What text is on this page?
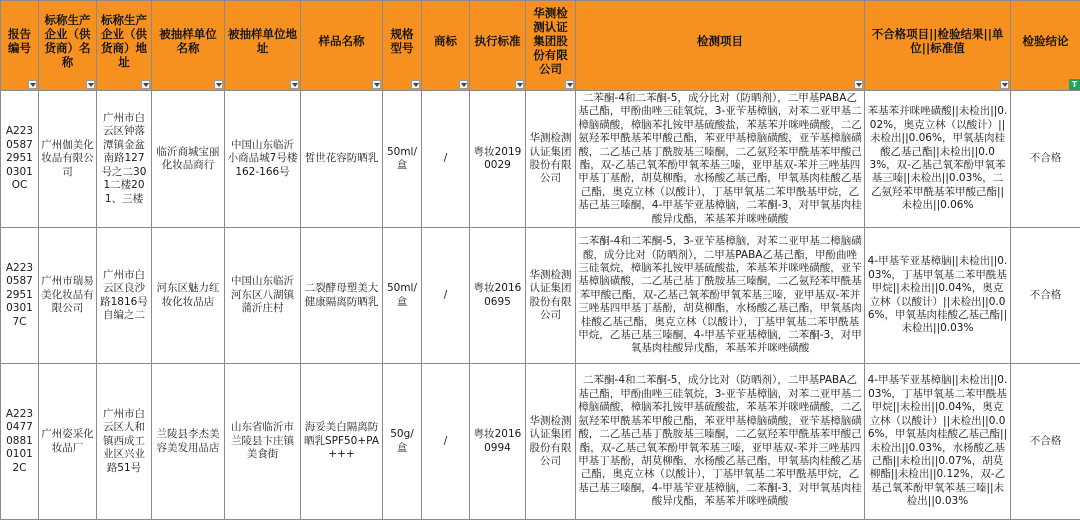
报告编号	标称生产企业（供货商）名称	标称生产企业（供货商）地址	被抽样单位名称	被抽样单位地址	样品名称	规格型号	商标	执行标准	华测检测认证集团股份有限公司	检测项目	不合格项目||检验结果||单位||标准值	检验结论
T

A223058729510301OC	广州伽美化妆品有限公司	广州市白云区钟落潭镇金盆南路127号之二301二楼201、三楼	临沂商城宝丽化妆品商行	中国山东临沂小商品城7号楼162-166号	皙世花容防晒乳	50ml/盒	/	粤妆20190029	华测检测认证集团股份有限公司	二苯酮-4和二苯酮-5，成分比对（防晒剂），二甲基PABA乙基己酯，甲酚曲唑三硅氧烷，3-亚苄基樟脑，对苯二亚甲基二樟脑磺酸，樟脑苯扎铵甲基硫酸盐，苯基苯并咪唑磺酸，二乙氨羟苯甲酰基苯甲酸己酯，苯亚甲基樟脑磺酸，亚苄基樟脑磺酸，二乙基己基丁酰胺基三嗪酮，二乙氨羟苯甲酰基苯甲酸己酯，双-乙基己氧苯酚甲氧苯基三嗪，亚甲基双-苯并三唑基四甲基丁基酚，胡莫柳酯，水杨酸乙基己酯，甲氧基肉桂酸乙基己酯，奥克立林（以酸计），丁基甲氧基二苯甲酰基甲烷，乙基己基三嗪酮，4-甲基苄亚基樟脑，二苯酮-3，对甲氧基肉桂酸异戊酯，苯基苯并咪唑磺酸	苯基苯并咪唑磺酸||未检出||0.02%，奥克立林（以酸计）||未检出||0.06%，甲氧基肉桂酸乙基己酯||未检出||0.03%，双-乙基己氧苯酚甲氧苯基三嗪||未检出||0.03%，二乙氨羟苯甲酰基苯甲酸己酯||未检出||0.06%	不合格
A223058729510301 7C	广州市瑞易美化妆品有限公司	广州市白云区良沙路1816号自编之二	河东区魅力红妆化妆品店	中国山东临沂河东区八湖镇蒲沂庄村	二裂酵母塑美大健康隔离防晒乳	50ml/盒	/	粤妆20160695	华测检测认证集团股份有限公司	二苯酮-4和二苯酮-5，3-亚苄基樟脑，对苯二亚甲基二樟脑磺酸，成分比对（防晒剂），二甲基PABA乙基己酯，甲酚曲唑三硅氧烷，樟脑苯扎铵甲基硫酸盐，苯基苯并咪唑磺酸，亚苄基樟脑磺酸，二乙基己基丁酰胺基三嗪酮，二乙氨羟苯甲酰基苯甲酸己酯，双-乙基己氧苯酚甲氧苯基三嗪，亚甲基双-苯并三唑基四甲基丁基酚，胡莫柳酯，水杨酸乙基己酯，甲氧基肉桂酸乙基己酯，奥克立林（以酸计），丁基甲氧基二苯甲酰基甲烷，乙基己基三嗪酮，4-甲基苄亚基樟脑，二苯酮-3，对甲氧基肉桂酸异戊酯，苯基苯并咪唑磺酸	4-甲基苄亚基樟脑||未检出||0.03%，丁基甲氧基二苯甲酰基甲烷||未检出||0.04%，奥克立林（以酸计）||未检出||0.06%，甲氧基肉桂酸乙基己酯||未检出||0.03%	不合格
A223047708810101 2C	广州姿采化妆品厂	广州市白云区人和镇西成工业区兴业路51号	兰陵县李杰美容美发用品店	山东省临沂市兰陵县卞庄镇美食街	海妥美白隔离防晒乳SPF50+PA+++	50g/盒	/	粤妆20160994	华测检测认证集团股份有限公司	二苯酮-4和二苯酮-5，成分比对（防晒剂），二甲基PABA乙基己酯，甲酚曲唑三硅氧烷，3-亚苄基樟脑，对苯二亚甲基二樟脑磺酸，樟脑苯扎铵甲基硫酸盐，苯基苯并咪唑磺酸，二乙氨羟苯甲酰基苯甲酸己酯，苯亚甲基樟脑磺酸，亚苄基樟脑磺酸，二乙基己基丁酰胺基三嗪酮，二乙氨羟苯甲酰基苯甲酸己酯，双-乙基己氧苯酚甲氧苯基三嗪，亚甲基双-苯并三唑基四甲基丁基酚，胡莫柳酯，水杨酸乙基己酯，甲氧基肉桂酸乙基己酯，奥克立林（以酸计），丁基甲氧基二苯甲酰基甲烷，乙基己基三嗪酮，4-甲基苄亚基樟脑，二苯酮-3，对甲氧基肉桂酸异戊酯，苯基苯并咪唑磺酸	4-甲基苄亚基樟脑||未检出||0.03%，丁基甲氧基二苯甲酰基甲烷||未检出||0.04%，奥克立林（以酸计）||未检出||0.06%，甲氧基肉桂酸乙基己酯||未检出||0.03%，水杨酸乙基己酯||未检出||0.07%，胡莫柳酯||未检出||0.12%，双-乙基己氧苯酚甲氧苯基三嗪||未检出||0.03%	不合格
